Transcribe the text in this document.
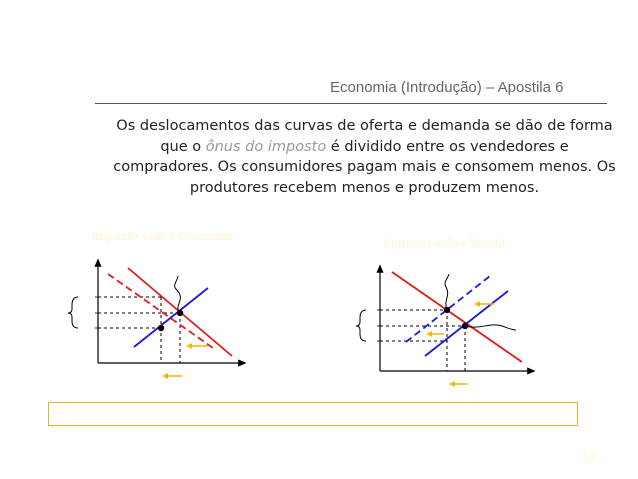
Economia (Introdução) – Apostila 6
Os deslocamentos das curvas de oferta e demanda se dão de forma que o ônus do imposto é dividido entre os vendedores e compradores. Os consumidores pagam mais e consomem menos. Os produtores recebem menos e produzem menos.
Imposto sobre Consumo	Imposto sobre Venda
13
